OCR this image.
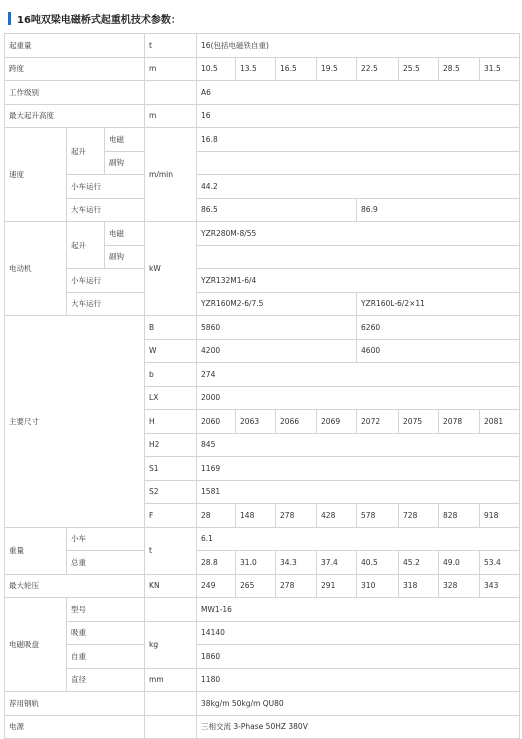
16吨双梁电磁桥式起重机技术参数：
起重量			t	16(包括电磁铁自重)							
跨度			m	10.5	13.5	16.5	19.5	22.5	25.5	28.5	31.5
工作级别				A6							
最大起升高度			m	16							
速度	起升	电磁	m/min	16.8							
		副钩									
	小车运行			44.2							
	大车运行			86.5				86.9			
电动机	起升	电磁	kW	YZR280M-8/55							
		副钩									
	小车运行			YZR132M1-6/4							
	大车运行			YZR160M2-6/7.5				YZR160L-6/2×11			
主要尺寸			B	5860				6260			
			W	4200				4600			
			b	274							
			LX	2000							
			H	2060	2063	2066	2069	2072	2075	2078	2081
			H2	845							
			S1	1169							
			S2	1581							
			F	28	148	278	428	578	728	828	918
重量	小车		t	6.1							
	总重			28.8	31.0	34.3	37.4	40.5	45.2	49.0	53.4
最大轮压			KN	249	265	278	291	310	318	328	343
电磁吸盘	型号			MW1-16							
	吸重		kg	14140							
	自重			1860							
	直径		mm	1180							
荐用钢轨				38kg/m 50kg/m QU80							
电源				三相交流 3-Phase 50HZ 380V							
